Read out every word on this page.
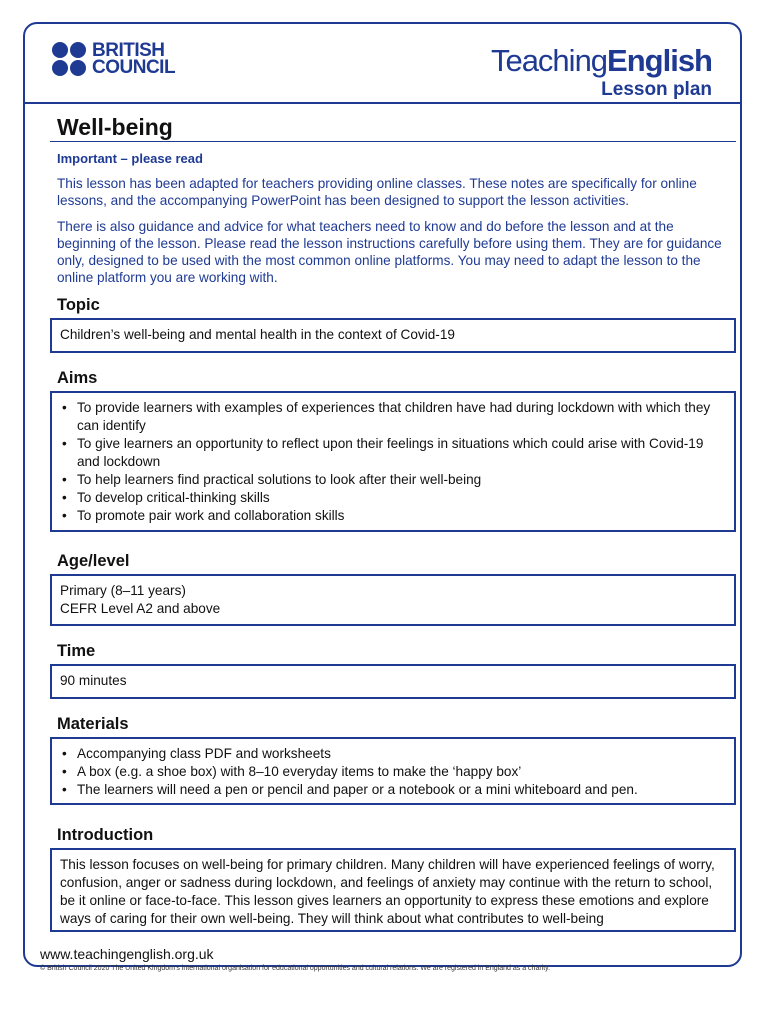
BRITISH
COUNCIL	TeachingEnglish
Lesson plan
Well-being
Important – please read

This lesson has been adapted for teachers providing online classes. These notes are specifically for online lessons, and the accompanying PowerPoint has been designed to support the lesson activities.

There is also guidance and advice for what teachers need to know and do before the lesson and at the beginning of the lesson. Please read the lesson instructions carefully before using them. They are for guidance only, designed to be used with the most common online platforms. You may need to adapt the lesson to the online platform you are working with.

Topic

Children’s well-being and mental health in the context of Covid-19

Aims
• To provide learners with examples of experiences that children have had during lockdown with which they can identify
• To give learners an opportunity to reflect upon their feelings in situations which could arise with Covid-19 and lockdown
• To help learners find practical solutions to look after their well-being
• To develop critical-thinking skills
• To promote pair work and collaboration skills
Age/level

Primary (8–11 years)

CEFR Level A2 and above

Time

90 minutes

Materials
• Accompanying class PDF and worksheets
• A box (e.g. a shoe box) with 8–10 everyday items to make the ‘happy box’
• The learners will need a pen or pencil and paper or a notebook or a mini whiteboard and pen.
Introduction

This lesson focuses on well-being for primary children. Many children will have experienced feelings of worry, confusion, anger or sadness during lockdown, and feelings of anxiety may continue with the return to school, be it online or face-to-face. This lesson gives learners an opportunity to express these emotions and explore ways of caring for their own well-being. They will think about what contributes to well-being

www.teachingenglish.org.uk
© British Council 2020 The United Kingdom’s international organisation for educational opportunities and cultural relations. We are registered in England as a charity.
